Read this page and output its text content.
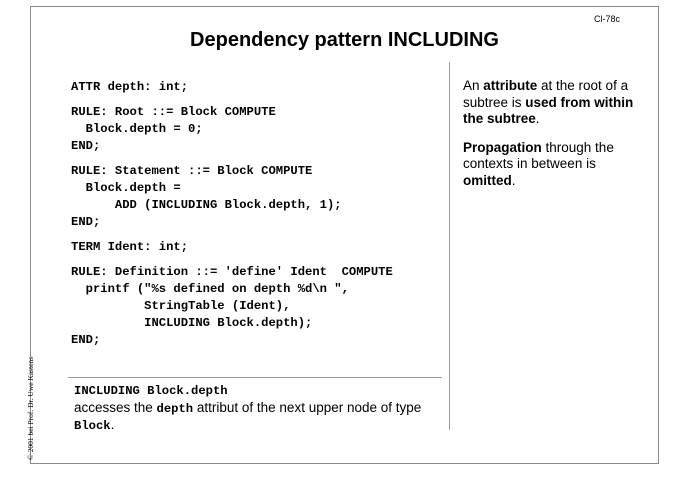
Cl-78c
Dependency pattern INCLUDING
ATTR depth: int;
RULE: Root ::= Block COMPUTE
Block.depth = 0;
END;
RULE: Statement ::= Block COMPUTE
Block.depth =
ADD (INCLUDING Block.depth, 1);
END;
TERM Ident: int;
RULE: Definition ::= 'define' Ident  COMPUTE
printf ("%s defined on depth %d\n ",
StringTable (Ident),
INCLUDING Block.depth);
END;

An attribute at the root of a subtree is used from within the subtree.

Propagation through the contexts in between is omitted.

INCLUDING Block.depth
accesses the depth attribut of the next upper node of type Block.
© 2001 bei Prof. Dr. Uwe Kastens
